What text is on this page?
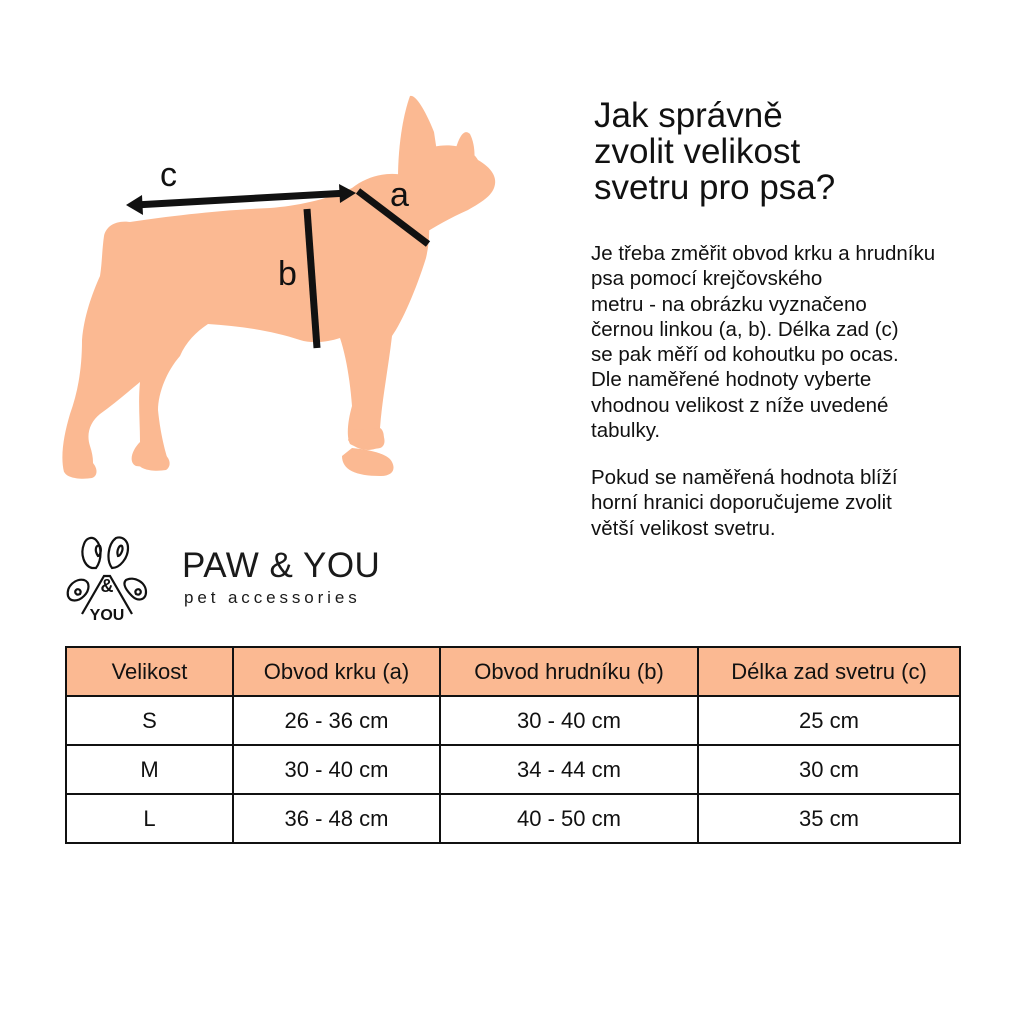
c
a
b
Jak správně
zvolit velikost
svetru pro psa?
Je třeba změřit obvod krku a hrudníku
psa pomocí krejčovského
metru - na obrázku vyznačeno
černou linkou (a, b). Délka zad (c)
se pak měří od kohoutku po ocas.
Dle naměřené hodnoty vyberte
vhodnou velikost z níže uvedené
tabulky.
Pokud se naměřená hodnota blíží
horní hranici doporučujeme zvolit
větší velikost svetru.
&
YOU
PAW & YOU
pet accessories
Velikost	Obvod krku (a)	Obvod hrudníku (b)	Délka zad svetru (c)
S	26 - 36 cm	30 - 40 cm	25 cm
M	30 - 40 cm	34 - 44 cm	30 cm
L	36 - 48 cm	40 - 50 cm	35 cm
